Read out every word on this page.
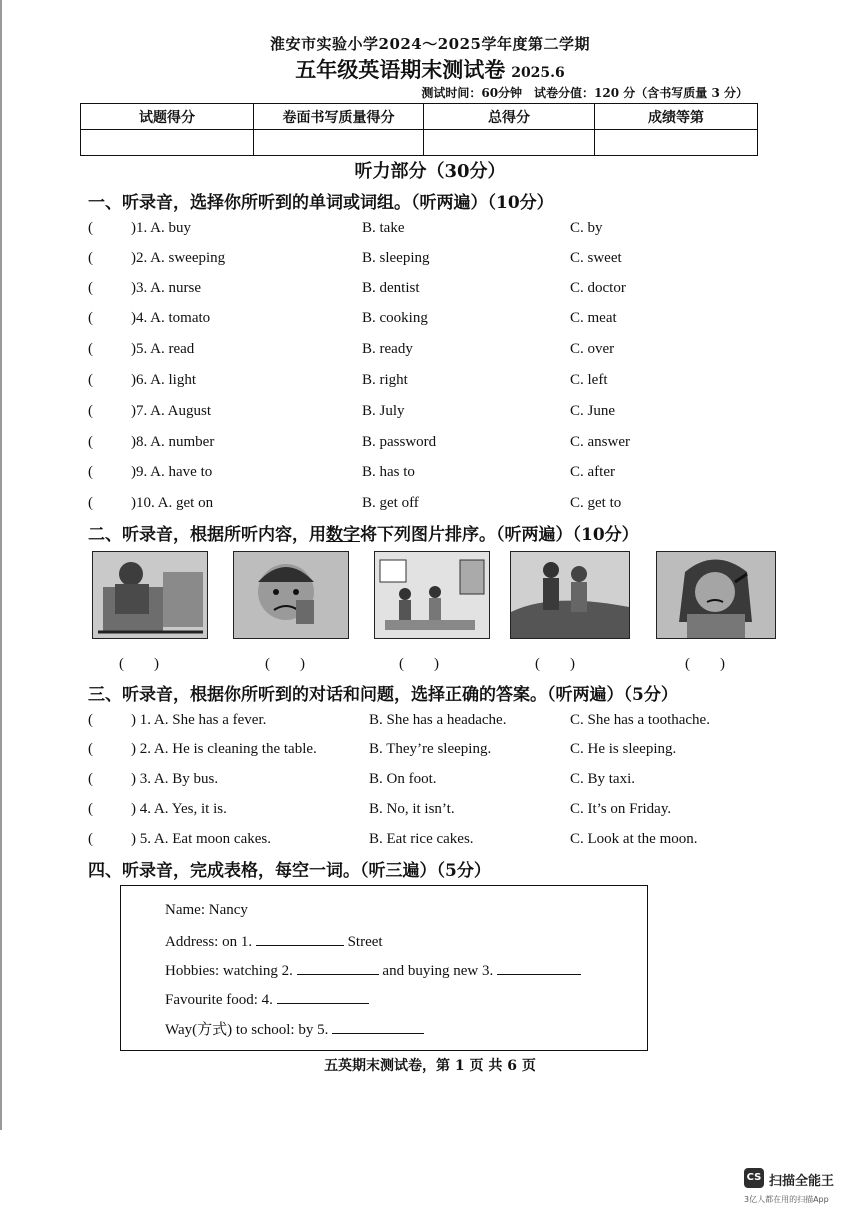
淮安市实验小学2024～2025学年度第二学期
五年级英语期末测试卷 2025.6
测试时间：60分钟　试卷分值：120 分（含书写质量 3 分）
试题得分	卷面书写质量得分	总得分	成绩等第

听力部分（30分）
一、听录音，选择你所听到的单词或词组。（听两遍）（10分）
(	)1. A. buy	B. take	C. by
(	)2. A. sweeping	B. sleeping	C. sweet
(	)3. A. nurse	B. dentist	C. doctor
(	)4. A. tomato	B. cooking	C. meat
(	)5. A. read	B. ready	C. over
(	)6. A. light	B. right	C. left
(	)7. A. August	B. July	C. June
(	)8. A. number	B. password	C. answer
(	)9. A. have to	B. has to	C. after
(	)10. A. get on	B. get off	C. get to
二、听录音，根据所听内容，用数字将下列图片排序。（听两遍）（10分）
(　　)	(　　)	(　　)	(　　)	(　　)
三、听录音，根据你所听到的对话和问题，选择正确的答案。（听两遍）（5分）
(	) 1. A. She has a fever.	B. She has a headache.	C. She has a toothache.
(	) 2. A. He is cleaning the table.	B. They’re sleeping.	C. He is sleeping.
(	) 3. A. By bus.	B. On foot.	C. By taxi.
(	) 4. A. Yes, it is.	B. No, it isn’t.	C. It’s on Friday.
(	) 5. A. Eat moon cakes.	B. Eat rice cakes.	C. Look at the moon.
四、听录音，完成表格，每空一词。（听三遍）（5分）
Name: Nancy
Address: on 1.	Street
Hobbies: watching 2.	and buying new 3.
Favourite food: 4.
Way(方式) to school: by 5.
五英期末测试卷，第 1 页 共 6 页
CS 扫描全能王
3亿人都在用的扫描App
